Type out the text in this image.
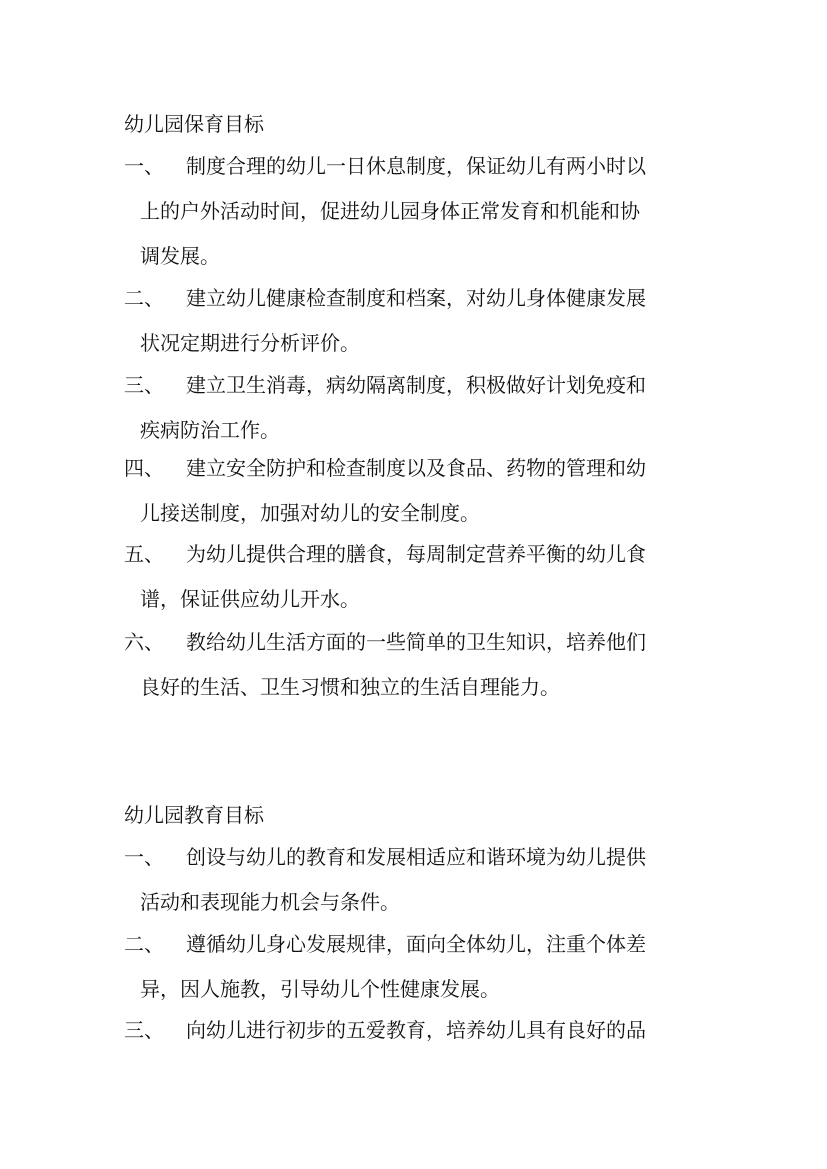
幼儿园保育目标
一、 制度合理的幼儿一日休息制度，保证幼儿有两小时以
上的户外活动时间，促进幼儿园身体正常发育和机能和协
调发展。
二、 建立幼儿健康检查制度和档案，对幼儿身体健康发展
状况定期进行分析评价。
三、 建立卫生消毒，病幼隔离制度，积极做好计划免疫和
疾病防治工作。
四、 建立安全防护和检查制度以及食品、药物的管理和幼
儿接送制度，加强对幼儿的安全制度。
五、 为幼儿提供合理的膳食，每周制定营养平衡的幼儿食
谱，保证供应幼儿开水。
六、 教给幼儿生活方面的一些简单的卫生知识，培养他们
良好的生活、卫生习惯和独立的生活自理能力。
幼儿园教育目标
一、 创设与幼儿的教育和发展相适应和谐环境为幼儿提供
活动和表现能力机会与条件。
二、 遵循幼儿身心发展规律，面向全体幼儿，注重个体差
异，因人施教，引导幼儿个性健康发展。
三、 向幼儿进行初步的五爱教育，培养幼儿具有良好的品
